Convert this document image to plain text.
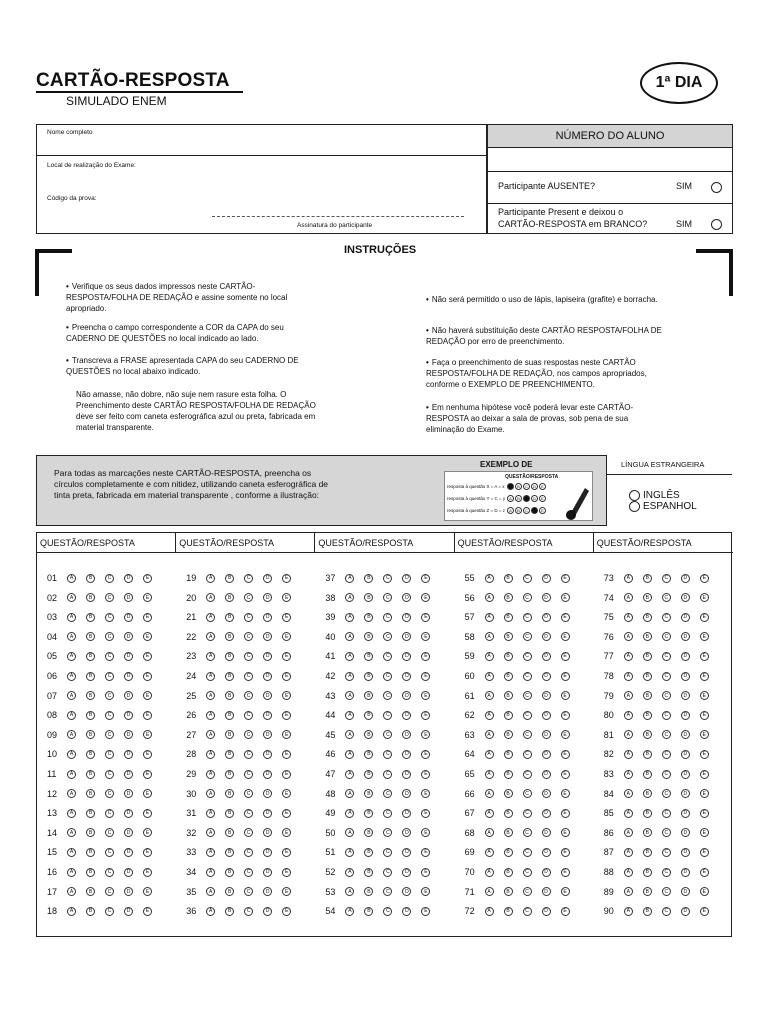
CARTÃO-RESPOSTA
SIMULADO ENEM
1ª DIA
Nome completo
Local de realização do Exame:
Código da prova:
Assinatura do participante
NÚMERO DO ALUNO
Participante AUSENTE?	SIM
Participante Present e deixou o
CARTÃO-RESPOSTA em BRANCO?	SIM
INSTRUÇÕES
• Verifique os seus dados impressos neste CARTÃO-RESPOSTA/FOLHA DE REDAÇÃO e assine somente no local apropriado.
• Preencha o campo correspondente a COR da CAPA do seu CADERNO DE QUESTÕES no local indicado ao lado.
• Transcreva a FRASE apresentada CAPA do seu CADERNO DE QUESTÕES no local abaixo indicado.
Não amasse, não dobre, não suje nem rasure esta folha. O Preenchimento deste CARTÃO RESPOSTA/FOLHA DE REDAÇÃO deve ser feito com caneta esferográfica azul ou preta, fabricada em material transparente.
• Não será permitido o uso de lápis, lapiseira (grafite) e borracha.
• Não haverá substituição deste CARTÃO RESPOSTA/FOLHA DE REDAÇÃO por erro de preenchimento.
• Faça o preenchimento de suas respostas neste CARTÃO RESPOSTA/FOLHA DE REDAÇÃO, nos campos apropriados, conforme o EXEMPLO DE PREENCHIMENTO.
• Em nenhuma hipótese você poderá levar este CARTÃO-RESPOSTA ao deixar a sala de provas, sob pena de sua eliminação do Exame.
Para todas as marcações neste CARTÃO-RESPOSTA, preencha os
círculos completamente e com nitidez, utilizando caneta esferográfica de
tinta preta, fabricada em material transparente , conforme a ilustração:
EXEMPLO DE
QUESTÃO/RESPOSTA
resposta à questão X = A = x	A	B	C	D	E
resposta à questão Y = C = y	A	B	C	D	E
resposta à questão Z = D = z	A	B	C	D	E
LÍNGUA ESTRANGEIRA
INGLÊS
ESPANHOL
QUESTÃO/RESPOSTA
01	A	B	C	D	E
02	A	B	C	D	E
03	A	B	C	D	E
04	A	B	C	D	E
05	A	B	C	D	E
06	A	B	C	D	E
07	A	B	C	D	E
08	A	B	C	D	E
09	A	B	C	D	E
10	A	B	C	D	E
11	A	B	C	D	E
12	A	B	C	D	E
13	A	B	C	D	E
14	A	B	C	D	E
15	A	B	C	D	E
16	A	B	C	D	E
17	A	B	C	D	E
18	A	B	C	D	E
QUESTÃO/RESPOSTA
19	A	B	C	D	E
20	A	B	C	D	E
21	A	B	C	D	E
22	A	B	C	D	E
23	A	B	C	D	E
24	A	B	C	D	E
25	A	B	C	D	E
26	A	B	C	D	E
27	A	B	C	D	E
28	A	B	C	D	E
29	A	B	C	D	E
30	A	B	C	D	E
31	A	B	C	D	E
32	A	B	C	D	E
33	A	B	C	D	E
34	A	B	C	D	E
35	A	B	C	D	E
36	A	B	C	D	E
QUESTÃO/RESPOSTA
37	A	B	C	D	E
38	A	B	C	D	E
39	A	B	C	D	E
40	A	B	C	D	E
41	A	B	C	D	E
42	A	B	C	D	E
43	A	B	C	D	E
44	A	B	C	D	E
45	A	B	C	D	E
46	A	B	C	D	E
47	A	B	C	D	E
48	A	B	C	D	E
49	A	B	C	D	E
50	A	B	C	D	E
51	A	B	C	D	E
52	A	B	C	D	E
53	A	B	C	D	E
54	A	B	C	D	E
QUESTÃO/RESPOSTA
55	A	B	C	D	E
56	A	B	C	D	E
57	A	B	C	D	E
58	A	B	C	D	E
59	A	B	C	D	E
60	A	B	C	D	E
61	A	B	C	D	E
62	A	B	C	D	E
63	A	B	C	D	E
64	A	B	C	D	E
65	A	B	C	D	E
66	A	B	C	D	E
67	A	B	C	D	E
68	A	B	C	D	E
69	A	B	C	D	E
70	A	B	C	D	E
71	A	B	C	D	E
72	A	B	C	D	E
QUESTÃO/RESPOSTA
73	A	B	C	D	E
74	A	B	C	D	E
75	A	B	C	D	E
76	A	B	C	D	E
77	A	B	C	D	E
78	A	B	C	D	E
79	A	B	C	D	E
80	A	B	C	D	E
81	A	B	C	D	E
82	A	B	C	D	E
83	A	B	C	D	E
84	A	B	C	D	E
85	A	B	C	D	E
86	A	B	C	D	E
87	A	B	C	D	E
88	A	B	C	D	E
89	A	B	C	D	E
90	A	B	C	D	E
